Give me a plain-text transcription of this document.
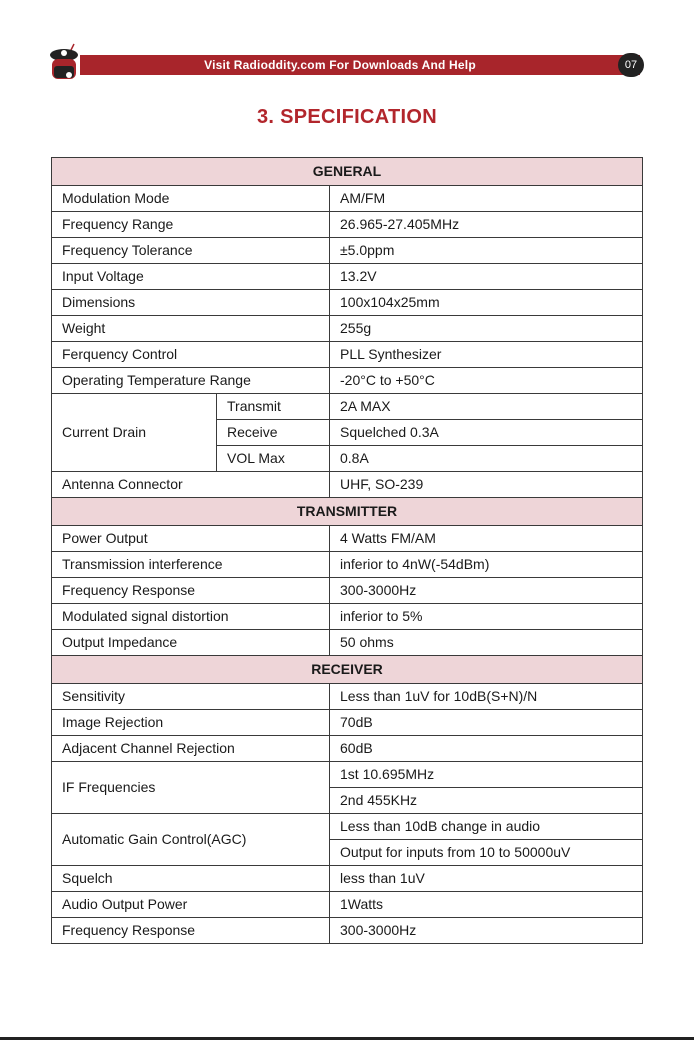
Visit Radioddity.com For Downloads And Help	07
3. SPECIFICATION
GENERAL		
Modulation Mode		AM/FM
Frequency Range		26.965-27.405MHz
Frequency Tolerance		±5.0ppm
Input Voltage		13.2V
Dimensions		100x104x25mm
Weight		255g
Ferquency Control		PLL Synthesizer
Operating Temperature Range		-20°C to +50°C
Current Drain	Transmit	2A MAX
	Receive	Squelched 0.3A
	VOL Max	0.8A
Antenna Connector		UHF, SO-239
TRANSMITTER		
Power Output		4 Watts FM/AM
Transmission interference		inferior to 4nW(-54dBm)
Frequency Response		300-3000Hz
Modulated signal distortion		inferior to 5%
Output Impedance		50 ohms
RECEIVER		
Sensitivity		Less than 1uV for 10dB(S+N)/N
Image Rejection		70dB
Adjacent Channel Rejection		60dB
IF Frequencies		1st 10.695MHz
		2nd 455KHz
Automatic Gain Control(AGC)		Less than 10dB change in audio
		Output for inputs from 10 to 50000uV
Squelch		less than 1uV
Audio Output Power		1Watts
Frequency Response		300-3000Hz
